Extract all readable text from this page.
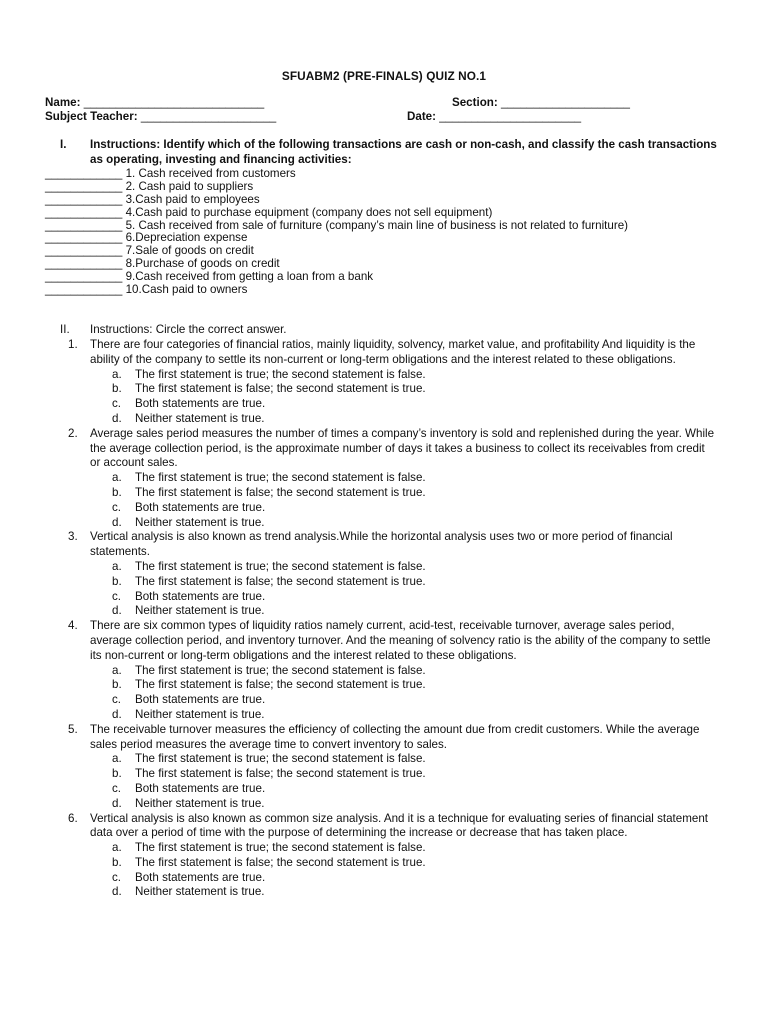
SFUABM2 (PRE-FINALS) QUIZ NO.1
Name: ____________________________	Section: ____________________
Subject Teacher: _____________________	Date: ______________________
I. Instructions: Identify which of the following transactions are cash or non-cash, and classify the cash transactions as operating, investing and financing activities:
____________ 1. Cash received from customers
____________ 2. Cash paid to suppliers
____________ 3.Cash paid to employees
____________ 4.Cash paid to purchase equipment (company does not sell equipment)
____________ 5. Cash received from sale of furniture (company’s main line of business is not related to furniture)
____________ 6.Depreciation expense
____________ 7.Sale of goods on credit
____________ 8.Purchase of goods on credit
____________ 9.Cash received from getting a loan from a bank
____________ 10.Cash paid to owners
II. Instructions: Circle the correct answer.
1. There are four categories of financial ratios, mainly liquidity, solvency, market value, and profitability And liquidity is the ability of the company to settle its non-current or long-term obligations and the interest related to these obligations.
a. The first statement is true; the second statement is false.
b. The first statement is false; the second statement is true.
c. Both statements are true.
d. Neither statement is true.
2. Average sales period measures the number of times a company’s inventory is sold and replenished during the year. While the average collection period, is the approximate number of days it takes a business to collect its receivables from credit or account sales.
a. The first statement is true; the second statement is false.
b. The first statement is false; the second statement is true.
c. Both statements are true.
d. Neither statement is true.
3. Vertical analysis is also known as trend analysis.While the horizontal analysis uses two or more period of financial statements.
a. The first statement is true; the second statement is false.
b. The first statement is false; the second statement is true.
c. Both statements are true.
d. Neither statement is true.
4. There are six common types of liquidity ratios namely current, acid-test, receivable turnover, average sales period, average collection period, and inventory turnover. And the meaning of solvency ratio is the ability of the company to settle its non-current or long-term obligations and the interest related to these obligations.
a. The first statement is true; the second statement is false.
b. The first statement is false; the second statement is true.
c. Both statements are true.
d. Neither statement is true.
5. The receivable turnover measures the efficiency of collecting the amount due from credit customers. While the average sales period measures the average time to convert inventory to sales.
a. The first statement is true; the second statement is false.
b. The first statement is false; the second statement is true.
c. Both statements are true.
d. Neither statement is true.
6. Vertical analysis is also known as common size analysis. And it is a technique for evaluating series of financial statement data over a period of time with the purpose of determining the increase or decrease that has taken place.
a. The first statement is true; the second statement is false.
b. The first statement is false; the second statement is true.
c. Both statements are true.
d. Neither statement is true.
